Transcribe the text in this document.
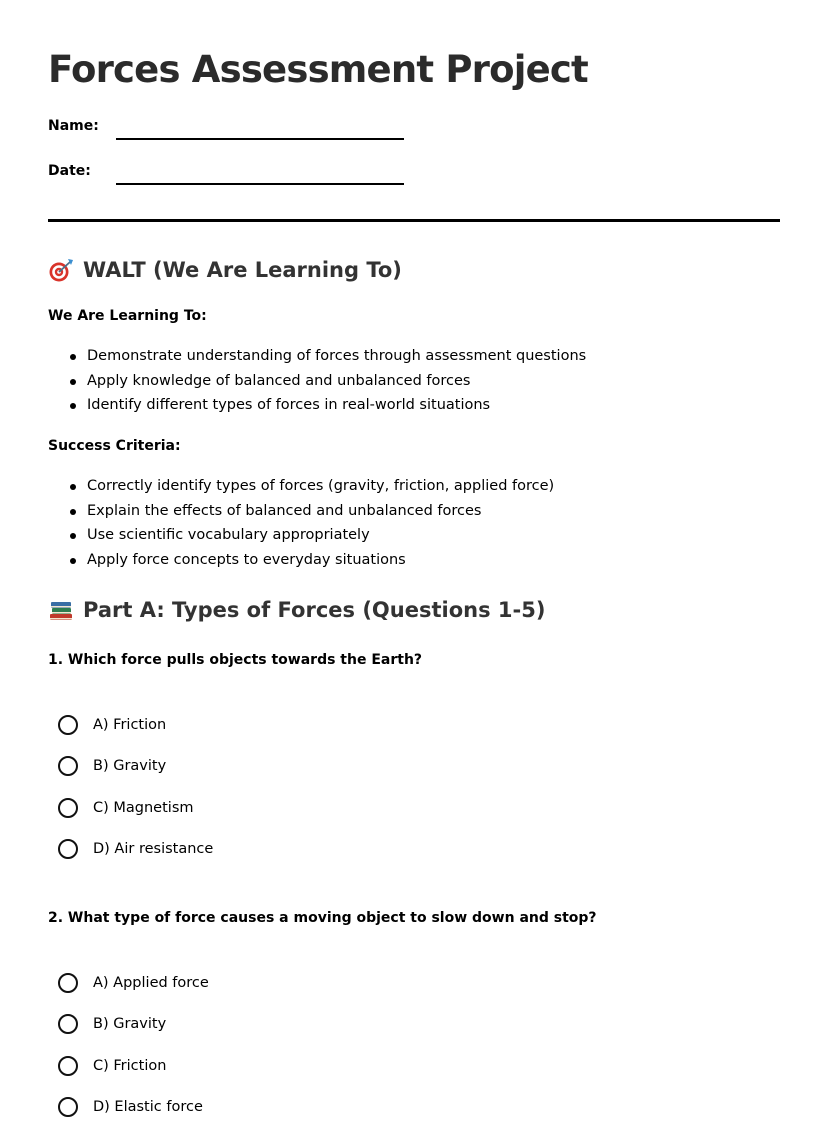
Forces Assessment Project
Name:
Date:
WALT (We Are Learning To)
We Are Learning To:
Demonstrate understanding of forces through assessment questions
Apply knowledge of balanced and unbalanced forces
Identify different types of forces in real-world situations
Success Criteria:
Correctly identify types of forces (gravity, friction, applied force)
Explain the effects of balanced and unbalanced forces
Use scientific vocabulary appropriately
Apply force concepts to everyday situations
Part A: Types of Forces (Questions 1-5)
1. Which force pulls objects towards the Earth?
A) Friction
B) Gravity
C) Magnetism
D) Air resistance
2. What type of force causes a moving object to slow down and stop?
A) Applied force
B) Gravity
C) Friction
D) Elastic force
